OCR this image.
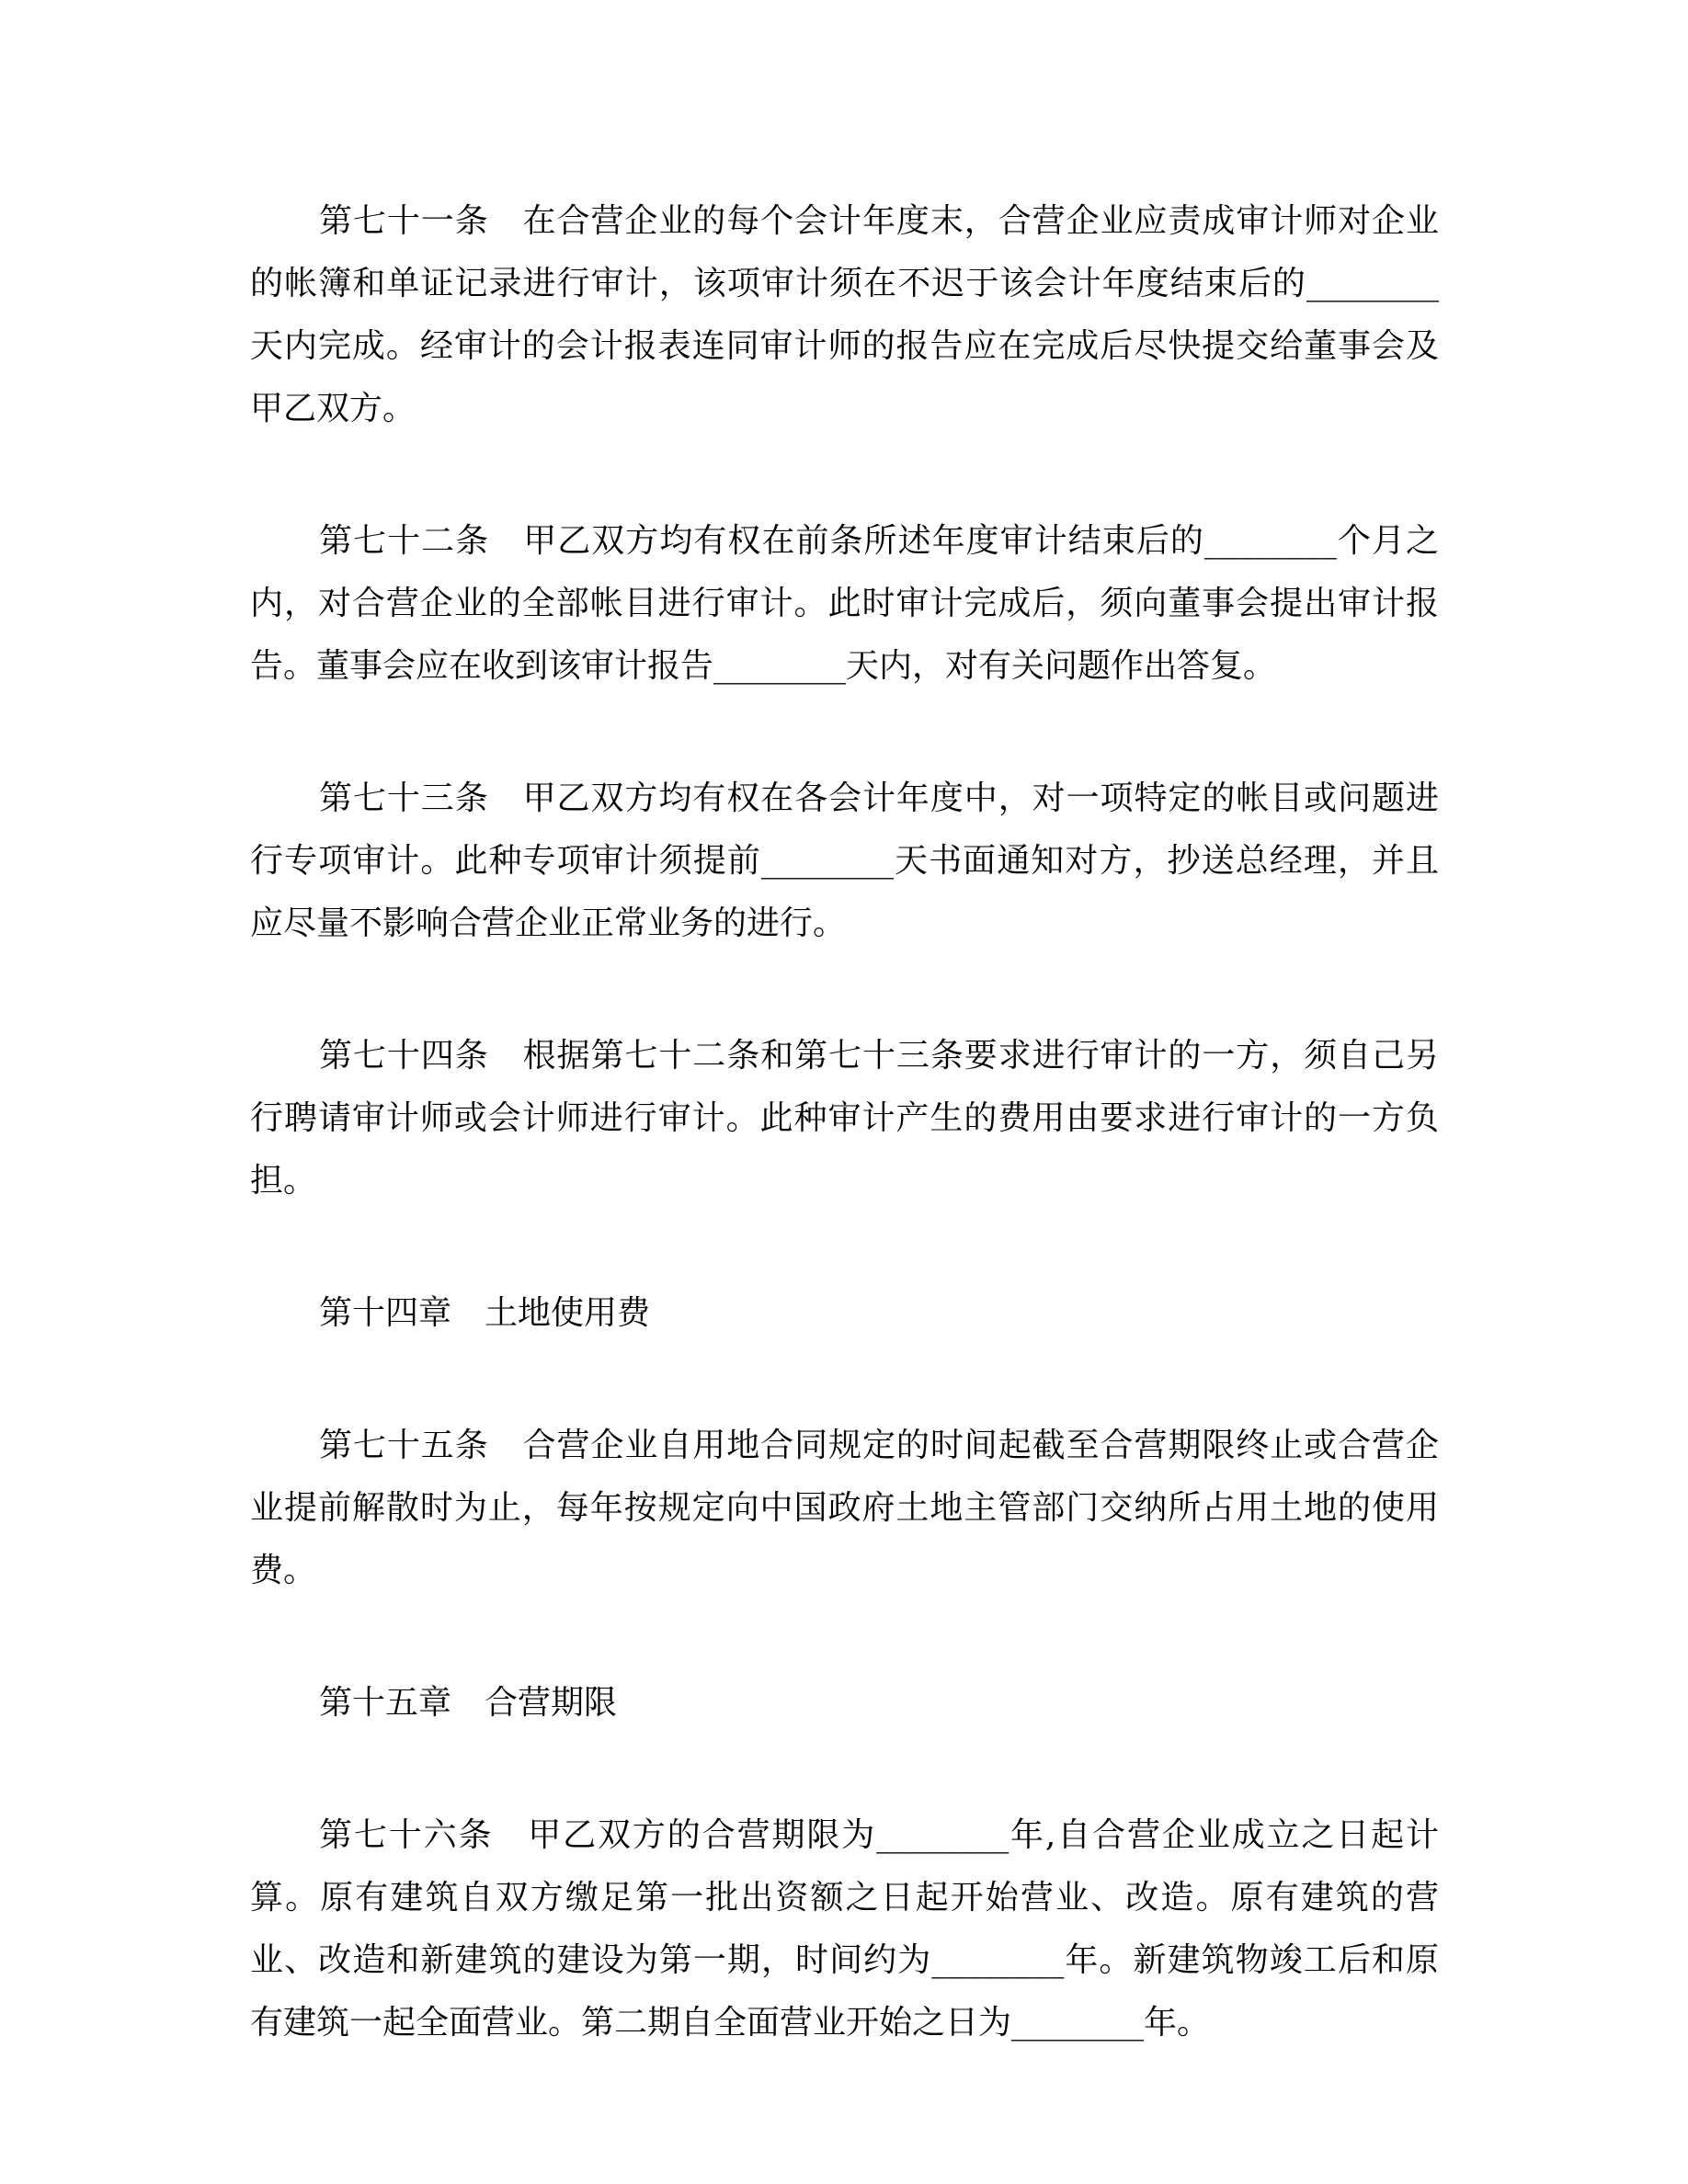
第七十一条　在合营企业的每个会计年度末，合营企业应责成审计师对企业的帐簿和单证记录进行审计，该项审计须在不迟于该会计年度结束后的________天内完成。经审计的会计报表连同审计师的报告应在完成后尽快提交给董事会及甲乙双方。

第七十二条　甲乙双方均有权在前条所述年度审计结束后的________个月之内，对合营企业的全部帐目进行审计。此时审计完成后，须向董事会提出审计报告。董事会应在收到该审计报告________天内，对有关问题作出答复。

第七十三条　甲乙双方均有权在各会计年度中，对一项特定的帐目或问题进行专项审计。此种专项审计须提前________天书面通知对方，抄送总经理，并且应尽量不影响合营企业正常业务的进行。

第七十四条　根据第七十二条和第七十三条要求进行审计的一方，须自己另行聘请审计师或会计师进行审计。此种审计产生的费用由要求进行审计的一方负担。

第十四章　土地使用费

第七十五条　合营企业自用地合同规定的时间起截至合营期限终止或合营企业提前解散时为止，每年按规定向中国政府土地主管部门交纳所占用土地的使用费。

第十五章　合营期限

第七十六条　甲乙双方的合营期限为________年,自合营企业成立之日起计算。原有建筑自双方缴足第一批出资额之日起开始营业、改造。原有建筑的营业、改造和新建筑的建设为第一期，时间约为________年。新建筑物竣工后和原有建筑一起全面营业。第二期自全面营业开始之日为________年。
